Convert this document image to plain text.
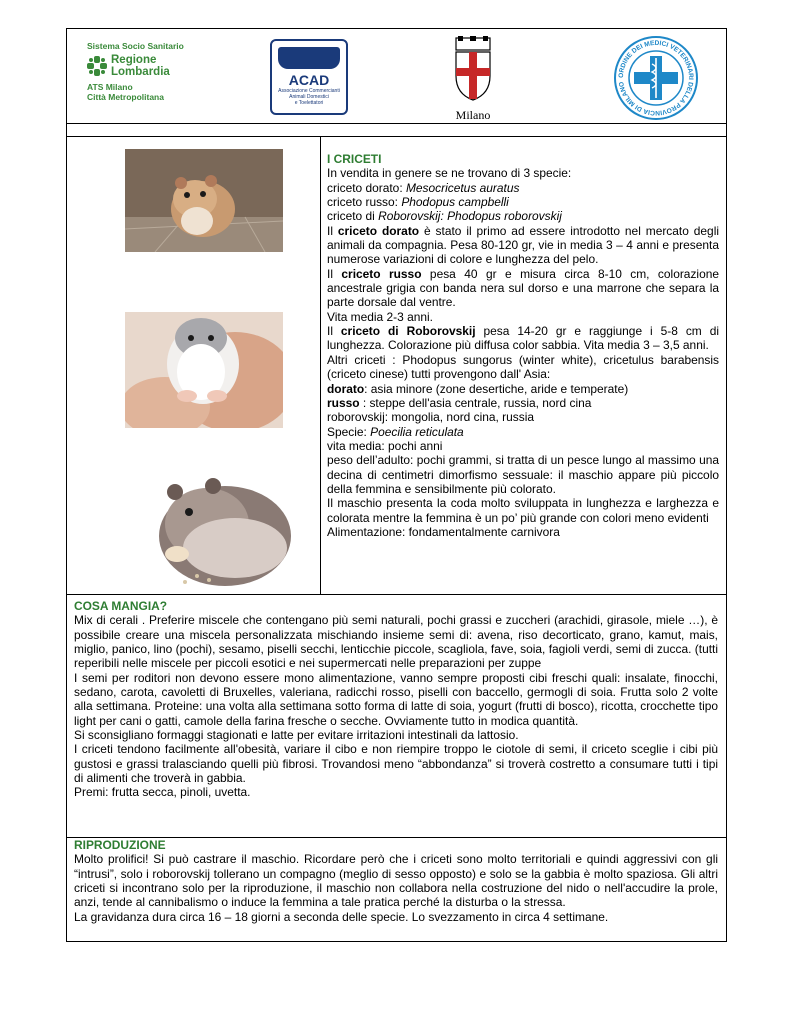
Sistema Socio Sanitario
Regione
Lombardia
ATS Milano
Città Metropolitana
ACAD
Associazione Commercianti
Animali Domestici
e Toelettatori
Milano
ORDINE DEI MEDICI VETERINARI DELLA PROVINCIA DI MILANO

I CRICETI

In vendita in genere se ne trovano di 3 specie:

criceto dorato: Mesocricetus auratus

criceto russo: Phodopus campbelli

criceto di Roborovskij: Phodopus roborovskij

Il criceto dorato è stato il primo ad essere introdotto nel mercato degli animali da compagnia. Pesa 80-120 gr, vie in media 3 – 4 anni e presenta numerose variazioni di colore e lunghezza del pelo.

Il criceto russo pesa 40 gr e misura circa 8-10 cm, colorazione ancestrale grigia con banda nera sul dorso e una marrone che separa la parte dorsale dal ventre.

Vita media 2-3 anni.

Il criceto di Roborovskij pesa 14-20 gr e raggiunge i 5-8 cm di lunghezza. Colorazione più diffusa color sabbia. Vita media 3 – 3,5 anni.

Altri criceti : Phodopus sungorus (winter white), cricetulus barabensis (criceto cinese) tutti provengono dall' Asia:

dorato: asia minore (zone desertiche, aride e temperate)

russo : steppe dell'asia centrale, russia, nord cina

roborovskij: mongolia, nord cina, russia

Specie: Poecilia reticulata

vita media: pochi anni

peso dell’adulto: pochi grammi, si tratta di un pesce lungo al massimo una decina di centimetri dimorfismo sessuale: il maschio appare più piccolo della femmina e sensibilmente più colorato.

Il maschio presenta la coda molto sviluppata in lunghezza e larghezza e colorata mentre la femmina è un po’ più grande con colori meno evidenti

Alimentazione: fondamentalmente carnivora

COSA MANGIA?

Mix di cerali . Preferire miscele che contengano più semi naturali, pochi grassi e zuccheri (arachidi, girasole, miele …), è possibile creare una miscela personalizzata mischiando insieme semi di: avena, riso decorticato, grano, kamut, mais, miglio, panico, lino (pochi), sesamo, piselli secchi, lenticchie piccole, scagliola, fave, soia, fagioli verdi, semi di zucca. (tutti reperibili nelle miscele per piccoli esotici e nei supermercati nelle preparazioni per zuppe

I semi per roditori non devono essere mono alimentazione, vanno sempre proposti cibi freschi quali: insalate, finocchi, sedano, carota, cavoletti di Bruxelles, valeriana, radicchi rosso, piselli con baccello, germogli di soia. Frutta solo 2 volte alla settimana. Proteine: una volta alla settimana sotto forma di latte di soia, yogurt (frutti di bosco), ricotta, crocchette tipo light per cani o gatti, camole della farina fresche o secche. Ovviamente tutto in modica quantità.

Si sconsigliano formaggi stagionati e latte per evitare irritazioni intestinali da lattosio.

I criceti tendono facilmente all'obesità, variare il cibo e non riempire troppo le ciotole di semi, il criceto sceglie i cibi più gustosi e grassi tralasciando quelli più fibrosi. Trovandosi meno “abbondanza” si troverà costretto a consumare tutti i tipi di alimenti che troverà in gabbia.

Premi: frutta secca, pinoli, uvetta.

RIPRODUZIONE

Molto prolifici! Si può castrare il maschio. Ricordare però che i criceti sono molto territoriali e quindi aggressivi con gli “intrusi”, solo i roborovskij tollerano un compagno (meglio di sesso opposto) e solo se la gabbia è molto spaziosa. Gli altri criceti si incontrano solo per la riproduzione, il maschio non collabora nella costruzione del nido o nell'accudire la prole, anzi, tende al cannibalismo o induce la femmina a tale pratica perché la disturba o la stressa.

La gravidanza dura circa 16 – 18 giorni a seconda delle specie. Lo svezzamento in circa 4 settimane.
